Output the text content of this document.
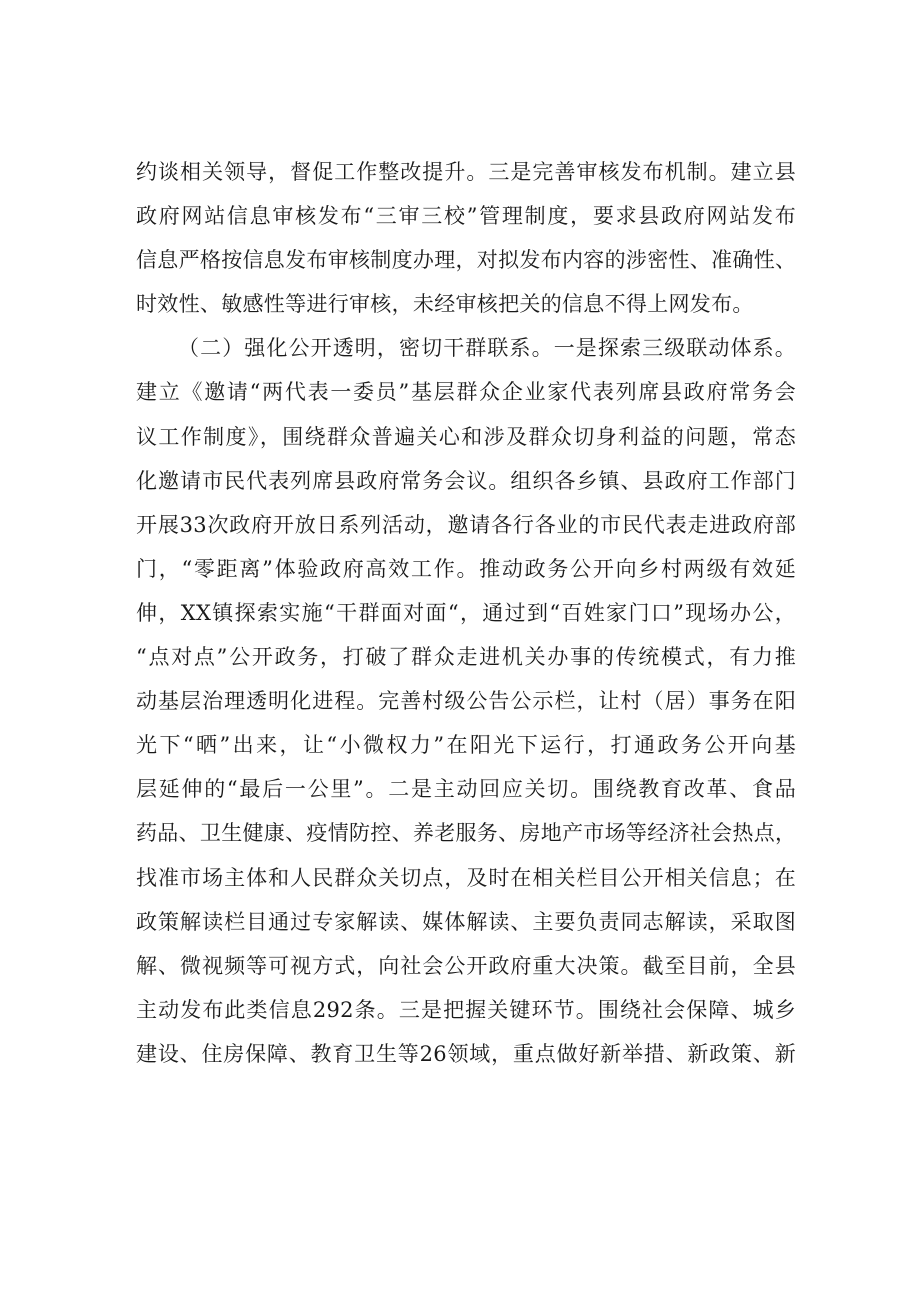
约谈相关领导，督促工作整改提升。三是完善审核发布机制。建立县
政府网站信息审核发布“三审三校”管理制度，要求县政府网站发布
信息严格按信息发布审核制度办理，对拟发布内容的涉密性、准确性、
时效性、敏感性等进行审核，未经审核把关的信息不得上网发布。
（二）强化公开透明，密切干群联系。一是探索三级联动体系。
建立《邀请“两代表一委员”基层群众企业家代表列席县政府常务会
议工作制度》，围绕群众普遍关心和涉及群众切身利益的问题，常态
化邀请市民代表列席县政府常务会议。组织各乡镇、县政府工作部门
开展33次政府开放日系列活动，邀请各行各业的市民代表走进政府部
门，“零距离”体验政府高效工作。推动政务公开向乡村两级有效延
伸，XX镇探索实施“干群面对面“，通过到“百姓家门口”现场办公，
“点对点”公开政务，打破了群众走进机关办事的传统模式，有力推
动基层治理透明化进程。完善村级公告公示栏，让村（居）事务在阳
光下“晒”出来，让“小微权力”在阳光下运行，打通政务公开向基
层延伸的“最后一公里”。二是主动回应关切。围绕教育改革、食品
药品、卫生健康、疫情防控、养老服务、房地产市场等经济社会热点，
找准市场主体和人民群众关切点，及时在相关栏目公开相关信息；在
政策解读栏目通过专家解读、媒体解读、主要负责同志解读，采取图
解、微视频等可视方式，向社会公开政府重大决策。截至目前，全县
主动发布此类信息292条。三是把握关键环节。围绕社会保障、城乡
建设、住房保障、教育卫生等26领域，重点做好新举措、新政策、新
